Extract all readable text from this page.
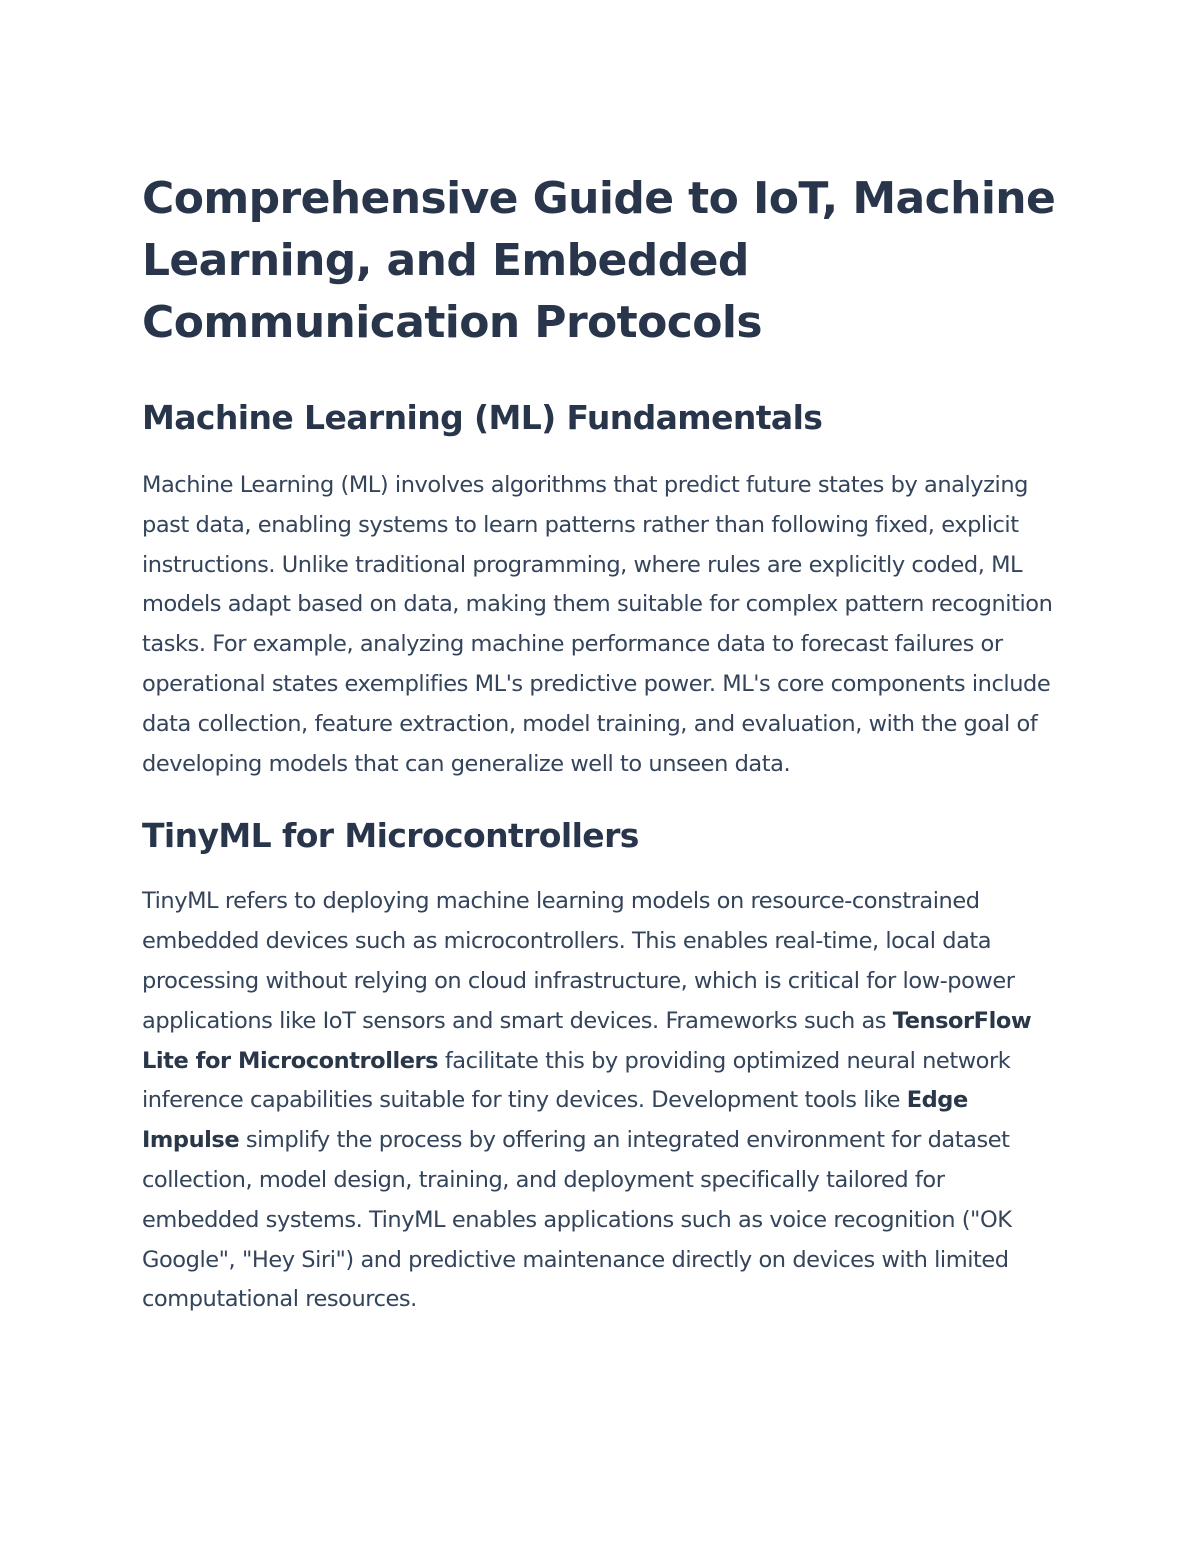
Comprehensive Guide to IoT, Machine Learning, and Embedded Communication Protocols
Machine Learning (ML) Fundamentals

Machine Learning (ML) involves algorithms that predict future states by analyzing past data, enabling systems to learn patterns rather than following fixed, explicit instructions. Unlike traditional programming, where rules are explicitly coded, ML models adapt based on data, making them suitable for complex pattern recognition tasks. For example, analyzing machine performance data to forecast failures or operational states exemplifies ML's predictive power. ML's core components include data collection, feature extraction, model training, and evaluation, with the goal of developing models that can generalize well to unseen data.

TinyML for Microcontrollers

TinyML refers to deploying machine learning models on resource-constrained embedded devices such as microcontrollers. This enables real-time, local data processing without relying on cloud infrastructure, which is critical for low-power applications like IoT sensors and smart devices. Frameworks such as TensorFlow Lite for Microcontrollers facilitate this by providing optimized neural network inference capabilities suitable for tiny devices. Development tools like Edge Impulse simplify the process by offering an integrated environment for dataset collection, model design, training, and deployment specifically tailored for embedded systems. TinyML enables applications such as voice recognition ("OK Google", "Hey Siri") and predictive maintenance directly on devices with limited computational resources.
